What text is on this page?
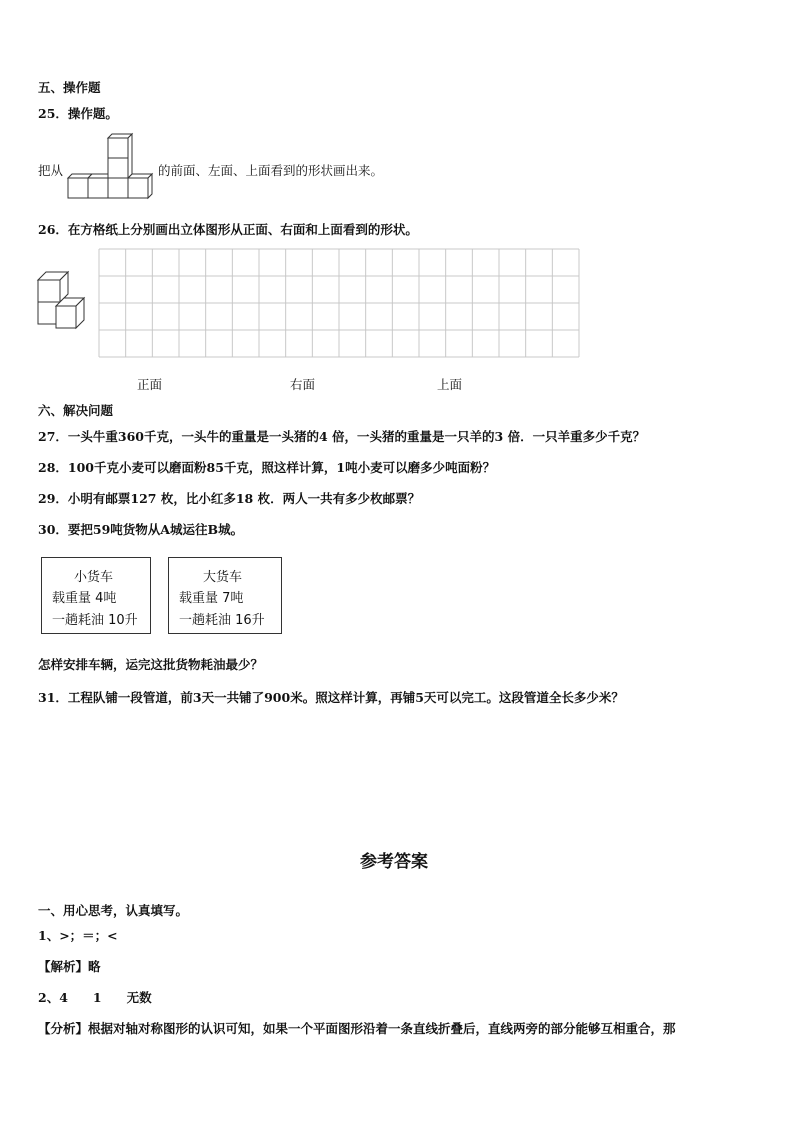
五、操作题
25．操作题。
把从	的前面、左面、上面看到的形状画出来。
26．在方格纸上分别画出立体图形从正面、右面和上面看到的形状。
正面	右面	上面
六、解决问题
27．一头牛重360千克，一头牛的重量是一头猪的4 倍，一头猪的重量是一只羊的3 倍．一只羊重多少千克？
28．100千克小麦可以磨面粉85千克，照这样计算，1吨小麦可以磨多少吨面粉？
29．小明有邮票127 枚，比小红多18 枚．两人一共有多少枚邮票？
30．要把59吨货物从A城运往B城。
小货车
载重量 4吨
一趟耗油 10升
大货车
载重量 7吨
一趟耗油 16升
怎样安排车辆，运完这批货物耗油最少？
31．工程队铺一段管道，前3天一共铺了900米。照这样计算，再铺5天可以完工。这段管道全长多少米？
参考答案
一、用心思考，认真填写。
1、>；＝；<
【解析】略
2、4　　1　　无数
【分析】根据对轴对称图形的认识可知，如果一个平面图形沿着一条直线折叠后，直线两旁的部分能够互相重合，那
